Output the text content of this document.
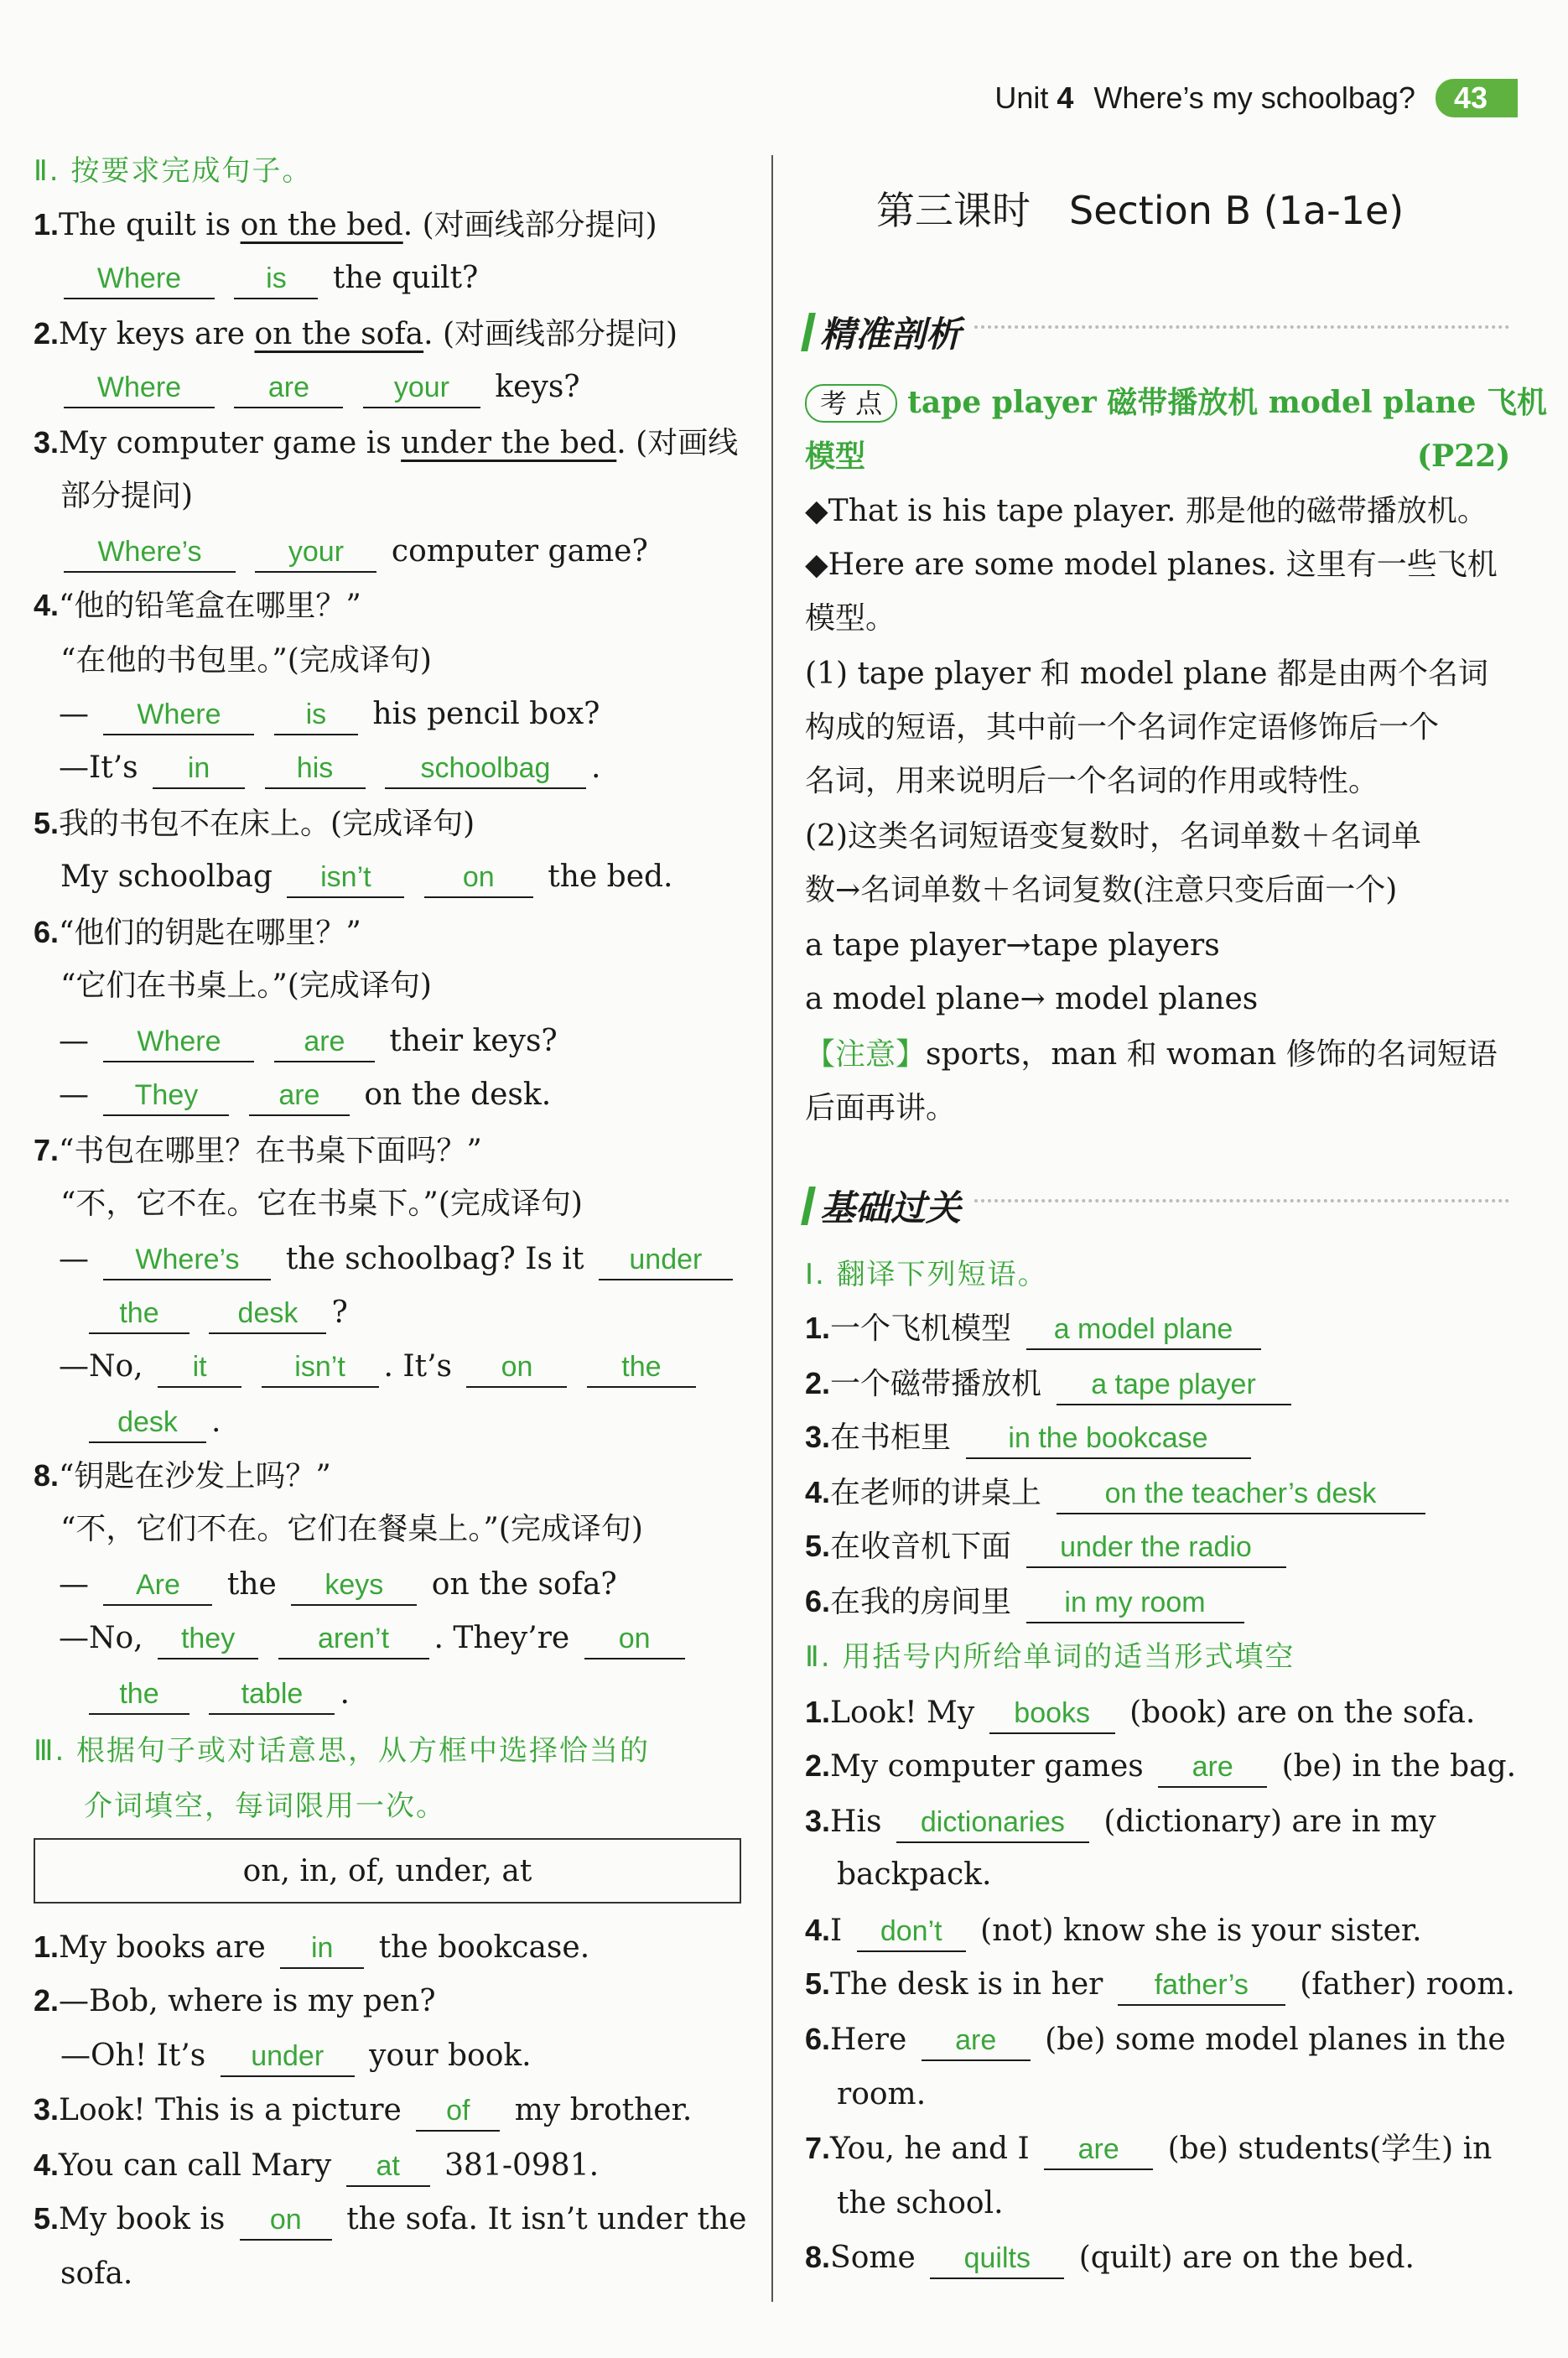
Unit 4 Where’s my schoolbag?	43
Ⅱ. 按要求完成句子。
1.The quilt is on the bed. (对画线部分提问)
Where	is the quilt?
2.My keys are on the sofa. (对画线部分提问)
Where	are	your keys?
3.My computer game is under the bed. (对画线
部分提问)
Where’s	your computer game?
4.“他的铅笔盒在哪里？”
“在他的书包里。”(完成译句)
— Where	is his pencil box?
—It’s in	his	schoolbag .
5.我的书包不在床上。(完成译句)
My schoolbag isn’t	on the bed.
6.“他们的钥匙在哪里？”
“它们在书桌上。”(完成译句)
— Where	are their keys?
— They	are on the desk.
7.“书包在哪里？在书桌下面吗？”
“不，它不在。它在书桌下。”(完成译句)
— Where’s the schoolbag? Is it under
the	desk ?
—No, it	isn’t . It’s on	the
desk .
8.“钥匙在沙发上吗？”
“不，它们不在。它们在餐桌上。”(完成译句)
— Are the keys on the sofa?
—No, they	aren’t . They’re on
the	table .
Ⅲ. 根据句子或对话意思，从方框中选择恰当的
介词填空，每词限用一次。
on, in, of, under, at
1.My books are in the bookcase.
2.—Bob, where is my pen?
—Oh! It’s under your book.
3.Look! This is a picture of my brother.
4.You can call Mary at 381-0981.
5.My book is on the sofa. It isn’t under the
sofa.
第三课时　Section B (1a-1e)
精准剖析
考 点 tape player 磁带播放机 model plane 飞机
模型	(P22)
◆That is his tape player. 那是他的磁带播放机。
◆Here are some model planes. 这里有一些飞机
模型。
(1) tape player 和 model plane 都是由两个名词
构成的短语，其中前一个名词作定语修饰后一个
名词，用来说明后一个名词的作用或特性。
(2)这类名词短语变复数时，名词单数＋名词单
数→名词单数＋名词复数(注意只变后面一个)
a tape player→tape players
a model plane→ model planes
【注意】sports，man 和 woman 修饰的名词短语
后面再讲。
基础过关
Ⅰ. 翻译下列短语。
1.一个飞机模型 a model plane
2.一个磁带播放机 a tape player
3.在书柜里 in the bookcase
4.在老师的讲桌上 on the teacher’s desk
5.在收音机下面 under the radio
6.在我的房间里 in my room
Ⅱ. 用括号内所给单词的适当形式填空
1.Look! My books (book) are on the sofa.
2.My computer games are (be) in the bag.
3.His dictionaries (dictionary) are in my
backpack.
4.I don’t (not) know she is your sister.
5.The desk is in her father’s (father) room.
6.Here are (be) some model planes in the
room.
7.You, he and I are (be) students(学生) in
the school.
8.Some quilts (quilt) are on the bed.
